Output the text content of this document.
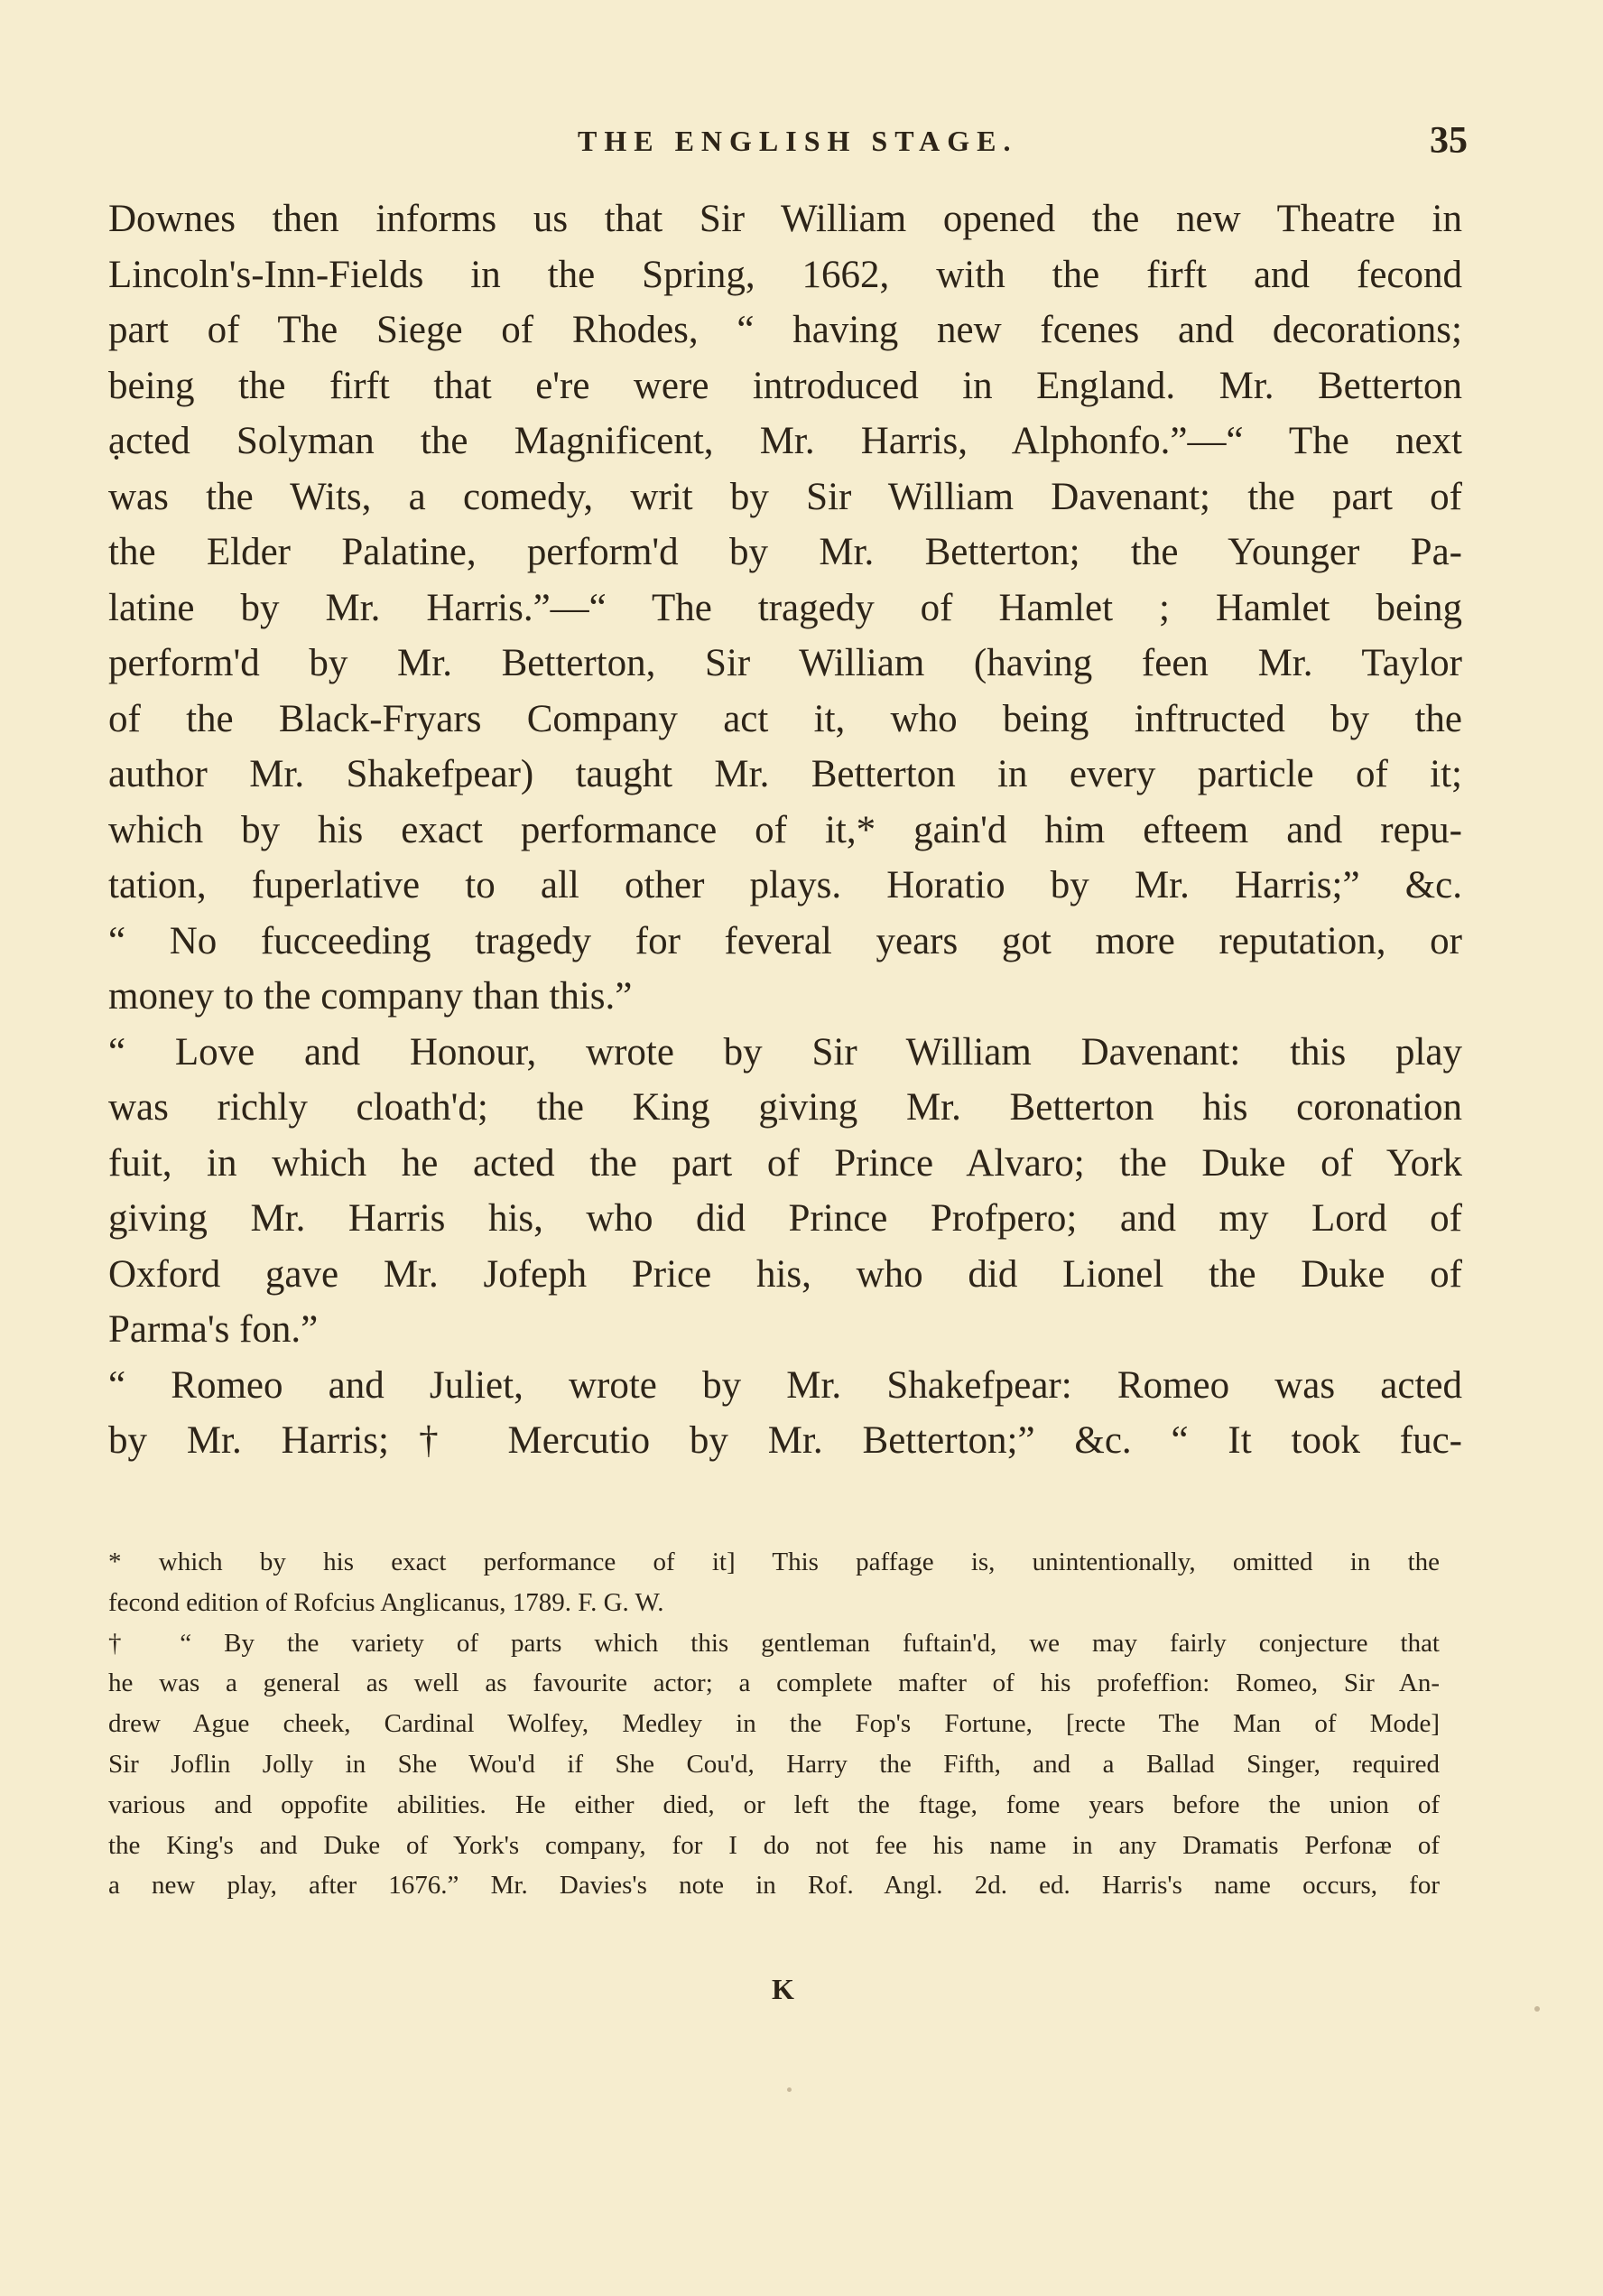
THE ENGLISH STAGE.	35
Downes then informs us that Sir William opened the new Theatre in
Lincoln's-Inn-Fields in the Spring, 1662, with the firft and fecond
part of The Siege of Rhodes, “ having new fcenes and decorations;
being the firft that e're were introduced in England. Mr. Betterton
ạcted Solyman the Magnificent, Mr. Harris, Alphonfo.”—“ The next
was the Wits, a comedy, writ by Sir William Davenant; the part of
the Elder Palatine, perform'd by Mr. Betterton; the Younger Pa-
latine by Mr. Harris.”—“ The tragedy of Hamlet ; Hamlet being
perform'd by Mr. Betterton, Sir William (having feen Mr. Taylor
of the Black-Fryars Company act it, who being inftructed by the
author Mr. Shakefpear) taught Mr. Betterton in every particle of it;
which by his exact performance of it,* gain'd him efteem and repu-
tation, fuperlative to all other plays. Horatio by Mr. Harris;” &c.
“ No fucceeding tragedy for feveral years got more reputation, or
money to the company than this.”
“ Love and Honour, wrote by Sir William Davenant: this play
was richly cloath'd; the King giving Mr. Betterton his coronation
fuit, in which he acted the part of Prince Alvaro; the Duke of York
giving Mr. Harris his, who did Prince Profpero; and my Lord of
Oxford gave Mr. Jofeph Price his, who did Lionel the Duke of
Parma's fon.”
“ Romeo and Juliet, wrote by Mr. Shakefpear: Romeo was acted
by Mr. Harris;† Mercutio by Mr. Betterton;” &c. “ It took fuc-
* which by his exact performance of it] This paffage is, unintentionally, omitted in the
fecond edition of Rofcius Anglicanus, 1789. F. G. W.
† “ By the variety of parts which this gentleman fuftain'd, we may fairly conjecture that
he was a general as well as favourite actor; a complete mafter of his profeffion: Romeo, Sir An-
drew Ague cheek, Cardinal Wolfey, Medley in the Fop's Fortune, [recte The Man of Mode]
Sir Joflin Jolly in She Wou'd if She Cou'd, Harry the Fifth, and a Ballad Singer, required
various and oppofite abilities. He either died, or left the ftage, fome years before the union of
the King's and Duke of York's company, for I do not fee his name in any Dramatis Perfonæ of
a new play, after 1676.” Mr. Davies's note in Rof. Angl. 2d. ed. Harris's name occurs, for
K
